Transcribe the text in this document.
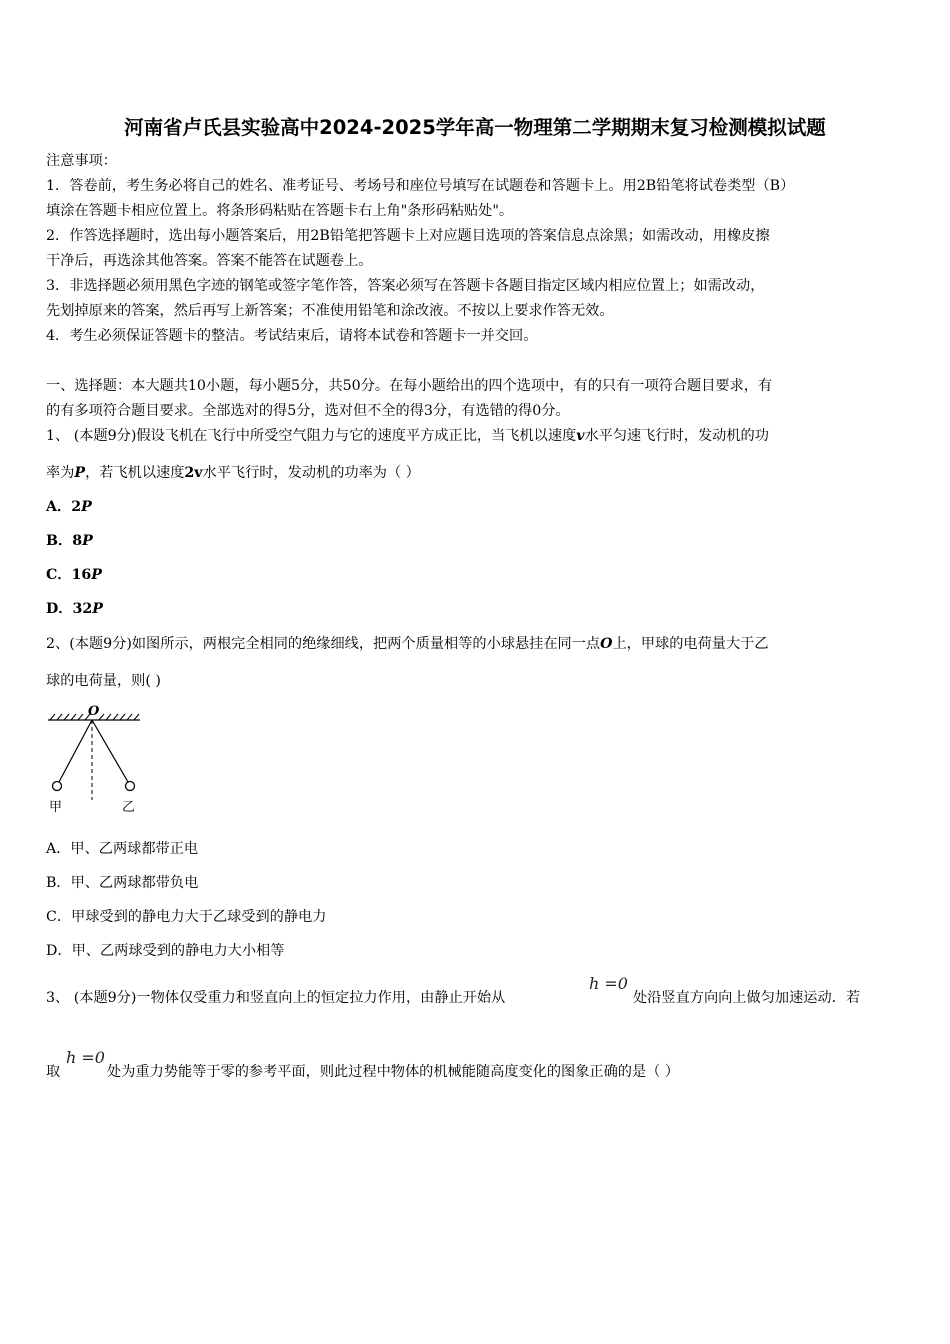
河南省卢氏县实验高中2024-2025学年高一物理第二学期期末复习检测模拟试题
注意事项：
1．答卷前，考生务必将自己的姓名、准考证号、考场号和座位号填写在试题卷和答题卡上。用2B铅笔将试卷类型（B）
填涂在答题卡相应位置上。将条形码粘贴在答题卡右上角"条形码粘贴处"。
2．作答选择题时，选出每小题答案后，用2B铅笔把答题卡上对应题目选项的答案信息点涂黑；如需改动，用橡皮擦
干净后，再选涂其他答案。答案不能答在试题卷上。
3．非选择题必须用黑色字迹的钢笔或签字笔作答，答案必须写在答题卡各题目指定区域内相应位置上；如需改动，
先划掉原来的答案，然后再写上新答案；不准使用铅笔和涂改液。不按以上要求作答无效。
4．考生必须保证答题卡的整洁。考试结束后，请将本试卷和答题卡一并交回。
一、选择题：本大题共10小题，每小题5分，共50分。在每小题给出的四个选项中，有的只有一项符合题目要求，有
的有多项符合题目要求。全部选对的得5分，选对但不全的得3分，有选错的得0分。
1、 (本题9分)假设飞机在飞行中所受空气阻力与它的速度平方成正比，当飞机以速度v水平匀速飞行时，发动机的功
率为P，若飞机以速度2v水平飞行时，发动机的功率为（ ）
A．2P
B．8P
C．16P
D．32P
2、(本题9分)如图所示，两根完全相同的绝缘细线，把两个质量相等的小球悬挂在同一点O上，甲球的电荷量大于乙
球的电荷量，则( )
O
甲	乙
A．甲、乙两球都带正电
B．甲、乙两球都带负电
C．甲球受到的静电力大于乙球受到的静电力
D．甲、乙两球受到的静电力大小相等
3、 (本题9分)一物体仅受重力和竖直向上的恒定拉力作用，由静止开始从
h =0
处沿竖直方向向上做匀加速运动．若
取
h =0
处为重力势能等于零的参考平面，则此过程中物体的机械能随高度变化的图象正确的是（ ）
